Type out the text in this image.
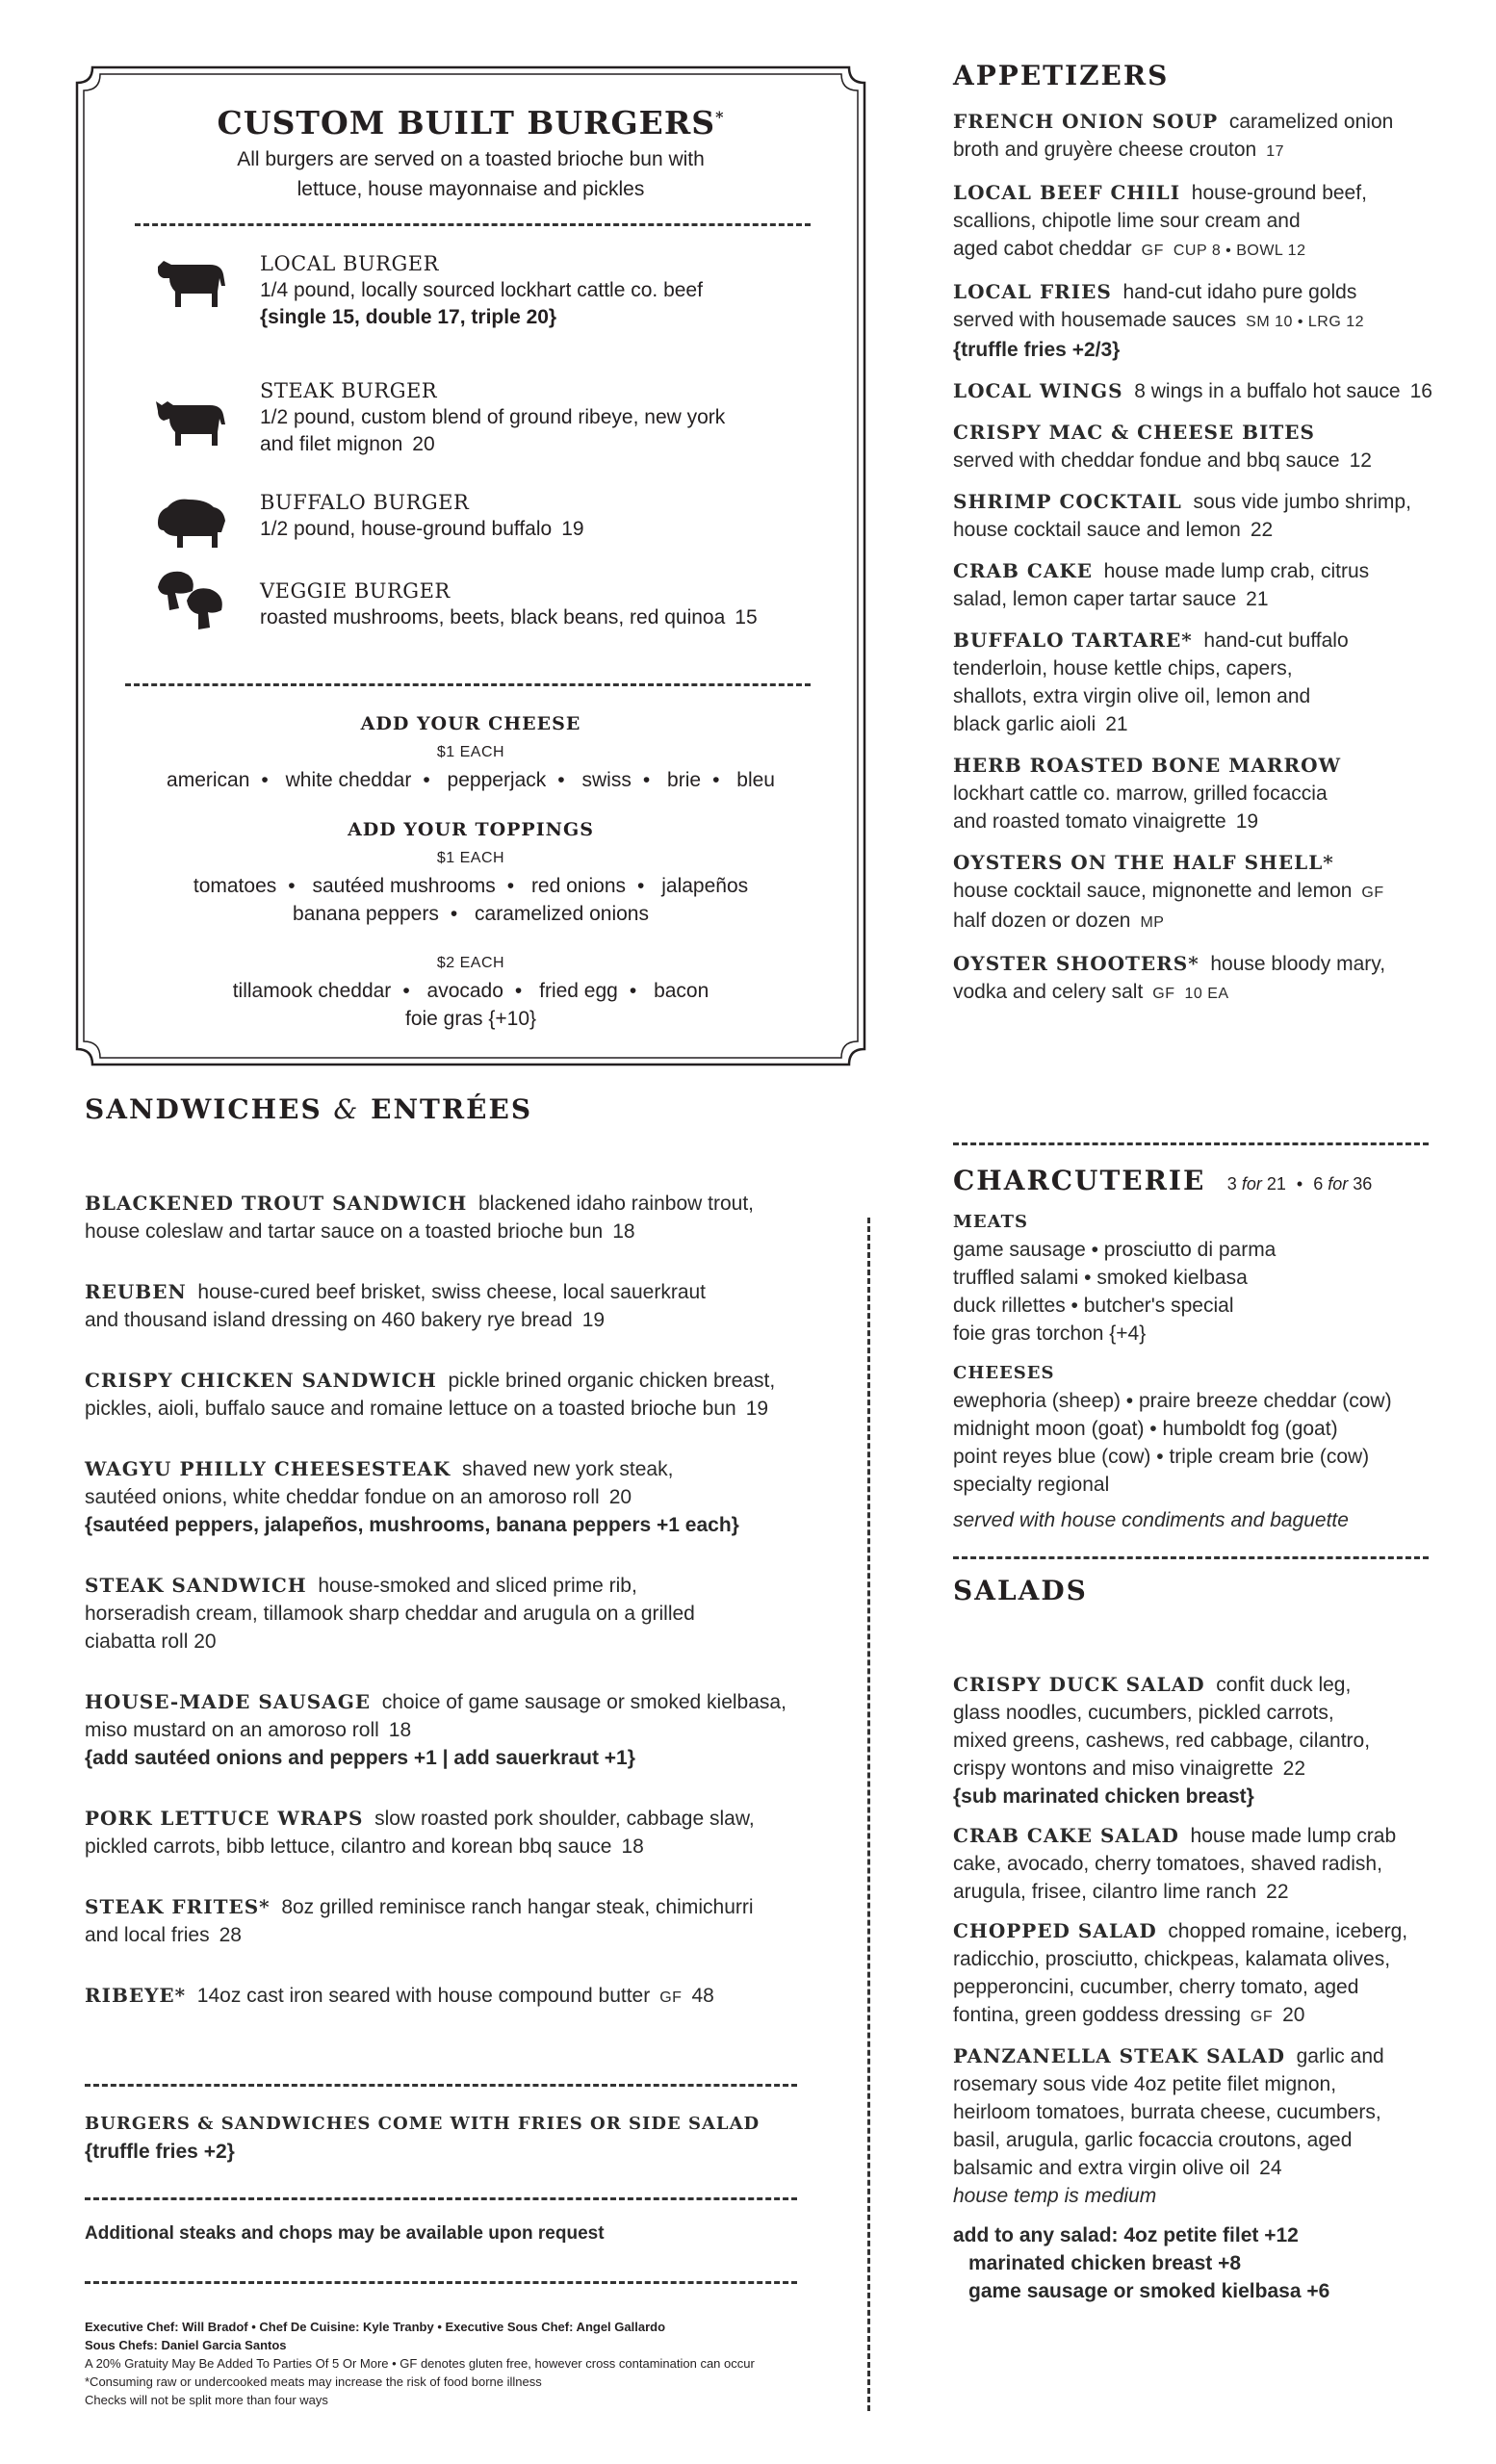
CUSTOM BUILT BURGERS*
All burgers are served on a toasted brioche bun with
lettuce, house mayonnaise and pickles
LOCAL BURGER
1/4 pound, locally sourced lockhart cattle co. beef
{single 15, double 17, triple 20}
STEAK BURGER
1/2 pound, custom blend of ground ribeye, new york
and filet mignon 20
BUFFALO BURGER
1/2 pound, house-ground buffalo 19
VEGGIE BURGER
roasted mushrooms, beets, black beans, red quinoa 15
ADD YOUR CHEESE
$1 EACH
american • white cheddar • pepperjack • swiss • brie • bleu
ADD YOUR TOPPINGS
$1 EACH
tomatoes • sautéed mushrooms • red onions • jalapeños
banana peppers • caramelized onions
$2 EACH
tillamook cheddar • avocado • fried egg • bacon
foie gras {+10}
APPETIZERS
FRENCH ONION SOUP caramelized onion
broth and gruyère cheese crouton 17
LOCAL BEEF CHILI house-ground beef,
scallions, chipotle lime sour cream and
aged cabot cheddar GF CUP 8 • BOWL 12
LOCAL FRIES hand-cut idaho pure golds
served with housemade sauces SM 10 • LRG 12
{truffle fries +2/3}
LOCAL WINGS 8 wings in a buffalo hot sauce 16
CRISPY MAC & CHEESE BITES
served with cheddar fondue and bbq sauce 12
SHRIMP COCKTAIL sous vide jumbo shrimp,
house cocktail sauce and lemon 22
CRAB CAKE house made lump crab, citrus
salad, lemon caper tartar sauce 21
BUFFALO TARTARE* hand-cut buffalo
tenderloin, house kettle chips, capers,
shallots, extra virgin olive oil, lemon and
black garlic aioli 21
HERB ROASTED BONE MARROW
lockhart cattle co. marrow, grilled focaccia
and roasted tomato vinaigrette 19
OYSTERS ON THE HALF SHELL*
house cocktail sauce, mignonette and lemon GF
half dozen or dozen MP
OYSTER SHOOTERS* house bloody mary,
vodka and celery salt GF 10 EA
CHARCUTERIE 3 for 21 • 6 for 36
MEATS
game sausage • prosciutto di parma
truffled salami • smoked kielbasa
duck rillettes • butcher's special
foie gras torchon {+4}
CHEESES
ewephoria (sheep) • praire breeze cheddar (cow)
midnight moon (goat) • humboldt fog (goat)
point reyes blue (cow) • triple cream brie (cow)
specialty regional
served with house condiments and baguette
SALADS
CRISPY DUCK SALAD confit duck leg,
glass noodles, cucumbers, pickled carrots,
mixed greens, cashews, red cabbage, cilantro,
crispy wontons and miso vinaigrette 22
{sub marinated chicken breast}
CRAB CAKE SALAD house made lump crab
cake, avocado, cherry tomatoes, shaved radish,
arugula, frisee, cilantro lime ranch 22
CHOPPED SALAD chopped romaine, iceberg,
radicchio, prosciutto, chickpeas, kalamata olives,
pepperoncini, cucumber, cherry tomato, aged
fontina, green goddess dressing GF 20
PANZANELLA STEAK SALAD garlic and
rosemary sous vide 4oz petite filet mignon,
heirloom tomatoes, burrata cheese, cucumbers,
basil, arugula, garlic focaccia croutons, aged
balsamic and extra virgin olive oil 24
house temp is medium
add to any salad: 4oz petite filet +12
marinated chicken breast +8
game sausage or smoked kielbasa +6
SANDWICHES & ENTRÉES
BLACKENED TROUT SANDWICH blackened idaho rainbow trout,
house coleslaw and tartar sauce on a toasted brioche bun 18
REUBEN house-cured beef brisket, swiss cheese, local sauerkraut
and thousand island dressing on 460 bakery rye bread 19
CRISPY CHICKEN SANDWICH pickle brined organic chicken breast,
pickles, aioli, buffalo sauce and romaine lettuce on a toasted brioche bun 19
WAGYU PHILLY CHEESESTEAK shaved new york steak,
sautéed onions, white cheddar fondue on an amoroso roll 20
{sautéed peppers, jalapeños, mushrooms, banana peppers +1 each}
STEAK SANDWICH house-smoked and sliced prime rib,
horseradish cream, tillamook sharp cheddar and arugula on a grilled
ciabatta roll 20
HOUSE-MADE SAUSAGE choice of game sausage or smoked kielbasa,
miso mustard on an amoroso roll 18
{add sautéed onions and peppers +1 | add sauerkraut +1}
PORK LETTUCE WRAPS slow roasted pork shoulder, cabbage slaw,
pickled carrots, bibb lettuce, cilantro and korean bbq sauce 18
STEAK FRITES* 8oz grilled reminisce ranch hangar steak, chimichurri
and local fries 28
RIBEYE* 14oz cast iron seared with house compound butter GF 48
BURGERS & SANDWICHES COME WITH FRIES OR SIDE SALAD
{truffle fries +2}
Additional steaks and chops may be available upon request
Executive Chef: Will Bradof • Chef De Cuisine: Kyle Tranby • Executive Sous Chef: Angel Gallardo
Sous Chefs: Daniel Garcia Santos
A 20% Gratuity May Be Added To Parties Of 5 Or More • GF denotes gluten free, however cross contamination can occur
*Consuming raw or undercooked meats may increase the risk of food borne illness
Checks will not be split more than four ways
